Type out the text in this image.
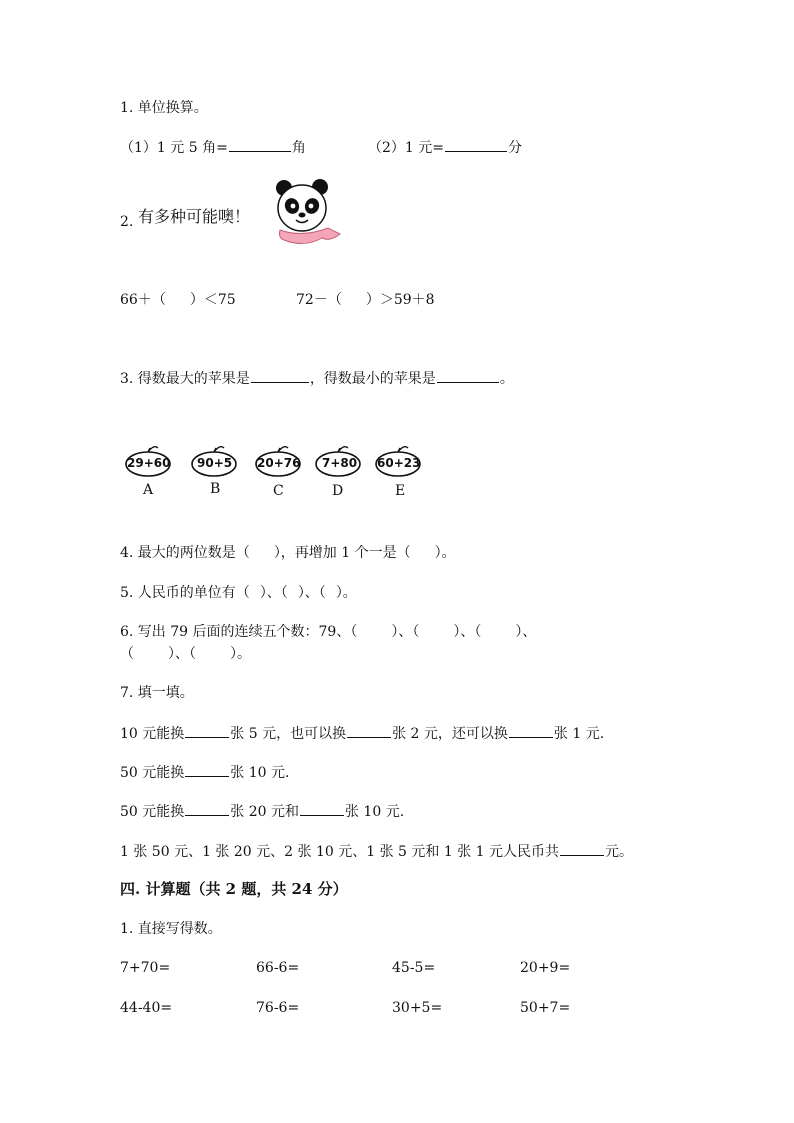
1. 单位换算。
（1）1 元 5 角=	角	（2）1 元=	分
2. 有多种可能噢！
66＋（ ）＜75	72－（ ）＞59＋8
3. 得数最大的苹果是	，得数最小的苹果是	。
29+60
A
90+5
B
20+76
C
7+80
D
60+23
E
4. 最大的两位数是（ ），再增加 1 个一是（ ）。
5. 人民币的单位有（ ）、（ ）、（ ）。
6. 写出 79 后面的连续五个数：79、（ ）、（ ）、（ ）、
（ ）、（ ）。
7. 填一填。
10 元能换	张 5 元，也可以换	张 2 元，还可以换	张 1 元.
50 元能换	张 10 元.
50 元能换	张 20 元和	张 10 元.
1 张 50 元、1 张 20 元、2 张 10 元、1 张 5 元和 1 张 1 元人民币共	元。
四. 计算题（共 2 题，共 24 分）
1. 直接写得数。
7+70=	66-6=	45-5=	20+9=
44-40=	76-6=	30+5=	50+7=
